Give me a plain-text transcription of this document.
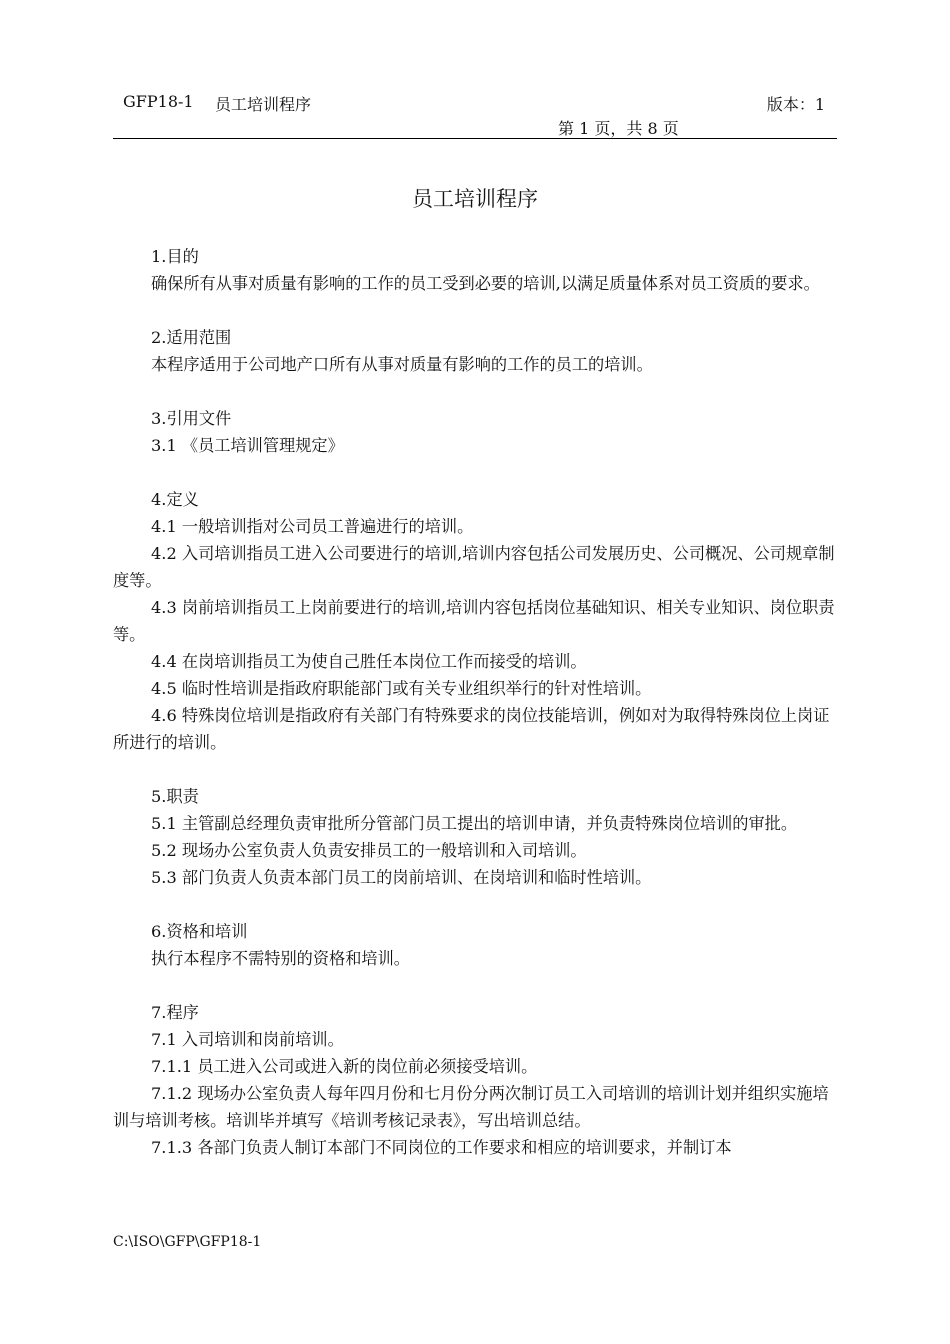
GFP18-1 员工培训程序	版本：1
第 1 页，共 8 页
员工培训程序

1.目的

确保所有从事对质量有影响的工作的员工受到必要的培训,以满足质量体系对员工资质的要求。

2.适用范围

本程序适用于公司地产口所有从事对质量有影响的工作的员工的培训。

3.引用文件

3.1 《员工培训管理规定》

4.定义

4.1 一般培训指对公司员工普遍进行的培训。

4.2 入司培训指员工进入公司要进行的培训,培训内容包括公司发展历史、公司概况、公司规章制度等。

4.3 岗前培训指员工上岗前要进行的培训,培训内容包括岗位基础知识、相关专业知识、岗位职责等。

4.4 在岗培训指员工为使自己胜任本岗位工作而接受的培训。

4.5 临时性培训是指政府职能部门或有关专业组织举行的针对性培训。

4.6 特殊岗位培训是指政府有关部门有特殊要求的岗位技能培训，例如对为取得特殊岗位上岗证所进行的培训。

5.职责

5.1 主管副总经理负责审批所分管部门员工提出的培训申请，并负责特殊岗位培训的审批。

5.2 现场办公室负责人负责安排员工的一般培训和入司培训。

5.3 部门负责人负责本部门员工的岗前培训、在岗培训和临时性培训。

6.资格和培训

执行本程序不需特别的资格和培训。

7.程序

7.1 入司培训和岗前培训。

7.1.1 员工进入公司或进入新的岗位前必须接受培训。

7.1.2 现场办公室负责人每年四月份和七月份分两次制订员工入司培训的培训计划并组织实施培训与培训考核。培训毕并填写《培训考核记录表》，写出培训总结。

7.1.3 各部门负责人制订本部门不同岗位的工作要求和相应的培训要求，并制订本

C:\ISO\GFP\GFP18-1
